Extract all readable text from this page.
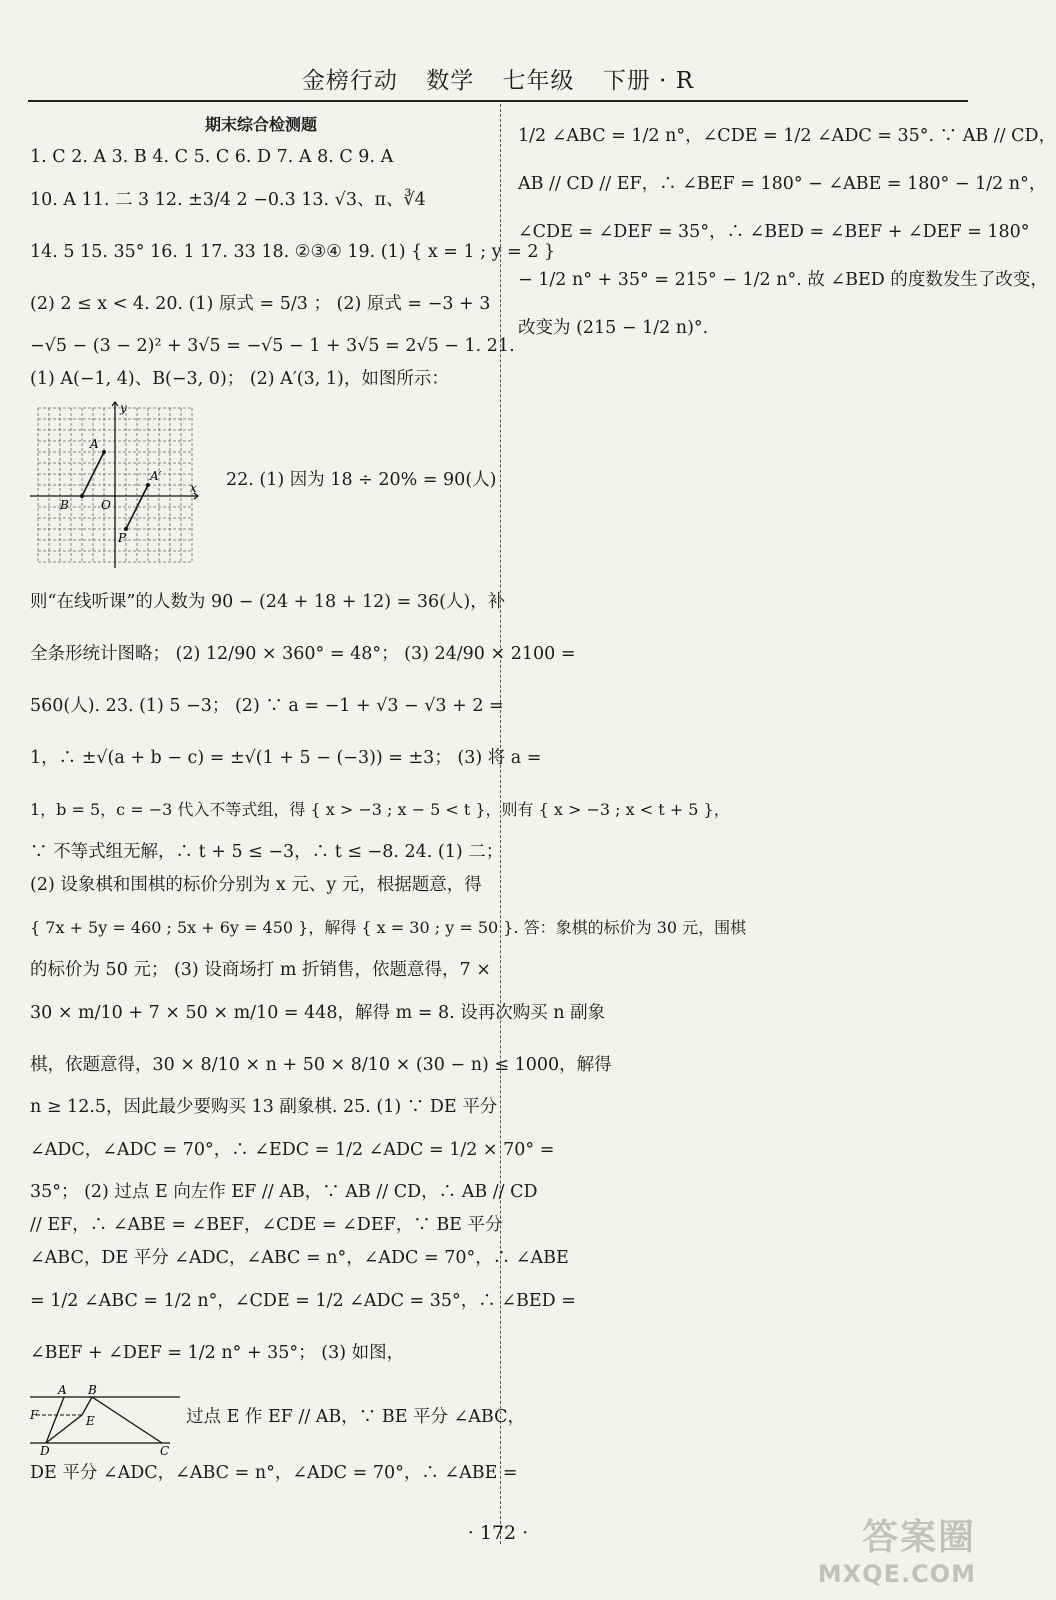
金榜行动 数学 七年级 下册 · R
期末综合检测题
1. C 2. A 3. B 4. C 5. C 6. D 7. A 8. C 9. A
10. A 11. 二 3 12. ±3/4 2 −0.3 13. √3、π、∛4
14. 5 15. 35° 16. 1 17. 33 18. ②③④ 19. (1) { x = 1 ; y = 2 }
(2) 2 ≤ x < 4. 20. (1) 原式 = 5/3 ； (2) 原式 = −3 + 3
−√5 − (3 − 2)² + 3√5 = −√5 − 1 + 3√5 = 2√5 − 1. 21.
(1) A(−1, 4)、B(−3, 0)； (2) A′(3, 1)，如图所示：
y
x
A
B	O
A′
P
22. (1) 因为 18 ÷ 20% = 90(人)
则“在线听课”的人数为 90 − (24 + 18 + 12) = 36(人)，补
全条形统计图略； (2) 12/90 × 360° = 48°； (3) 24/90 × 2100 =
560(人). 23. (1) 5 −3； (2) ∵ a = −1 + √3 − √3 + 2 =
1，∴ ±√(a + b − c) = ±√(1 + 5 − (−3)) = ±3； (3) 将 a =
1，b = 5，c = −3 代入不等式组，得 { x > −3 ; x − 5 < t }，则有 { x > −3 ; x < t + 5 }，
∵ 不等式组无解，∴ t + 5 ≤ −3，∴ t ≤ −8. 24. (1) 二；
(2) 设象棋和围棋的标价分别为 x 元、y 元，根据题意，得
{ 7x + 5y = 460 ; 5x + 6y = 450 }，解得 { x = 30 ; y = 50 }. 答：象棋的标价为 30 元，围棋
的标价为 50 元； (3) 设商场打 m 折销售，依题意得，7 ×
30 × m/10 + 7 × 50 × m/10 = 448，解得 m = 8. 设再次购买 n 副象
棋，依题意得，30 × 8/10 × n + 50 × 8/10 × (30 − n) ≤ 1000，解得
n ≥ 12.5，因此最少要购买 13 副象棋. 25. (1) ∵ DE 平分
∠ADC，∠ADC = 70°，∴ ∠EDC = 1/2 ∠ADC = 1/2 × 70° =
35°； (2) 过点 E 向左作 EF // AB，∵ AB // CD，∴ AB // CD
// EF，∴ ∠ABE = ∠BEF，∠CDE = ∠DEF，∵ BE 平分
∠ABC，DE 平分 ∠ADC，∠ABC = n°，∠ADC = 70°，∴ ∠ABE
= 1/2 ∠ABC = 1/2 n°，∠CDE = 1/2 ∠ADC = 35°，∴ ∠BED =
∠BEF + ∠DEF = 1/2 n° + 35°； (3) 如图，
A B
F	E
D	C
过点 E 作 EF // AB，∵ BE 平分 ∠ABC，
DE 平分 ∠ADC，∠ABC = n°，∠ADC = 70°，∴ ∠ABE =
1/2 ∠ABC = 1/2 n°，∠CDE = 1/2 ∠ADC = 35°. ∵ AB // CD，
AB // CD // EF，∴ ∠BEF = 180° − ∠ABE = 180° − 1/2 n°，
∠CDE = ∠DEF = 35°，∴ ∠BED = ∠BEF + ∠DEF = 180°
− 1/2 n° + 35° = 215° − 1/2 n°. 故 ∠BED 的度数发生了改变，
改变为 (215 − 1/2 n)°.
· 172 ·	答案圈
MXQE.COM
